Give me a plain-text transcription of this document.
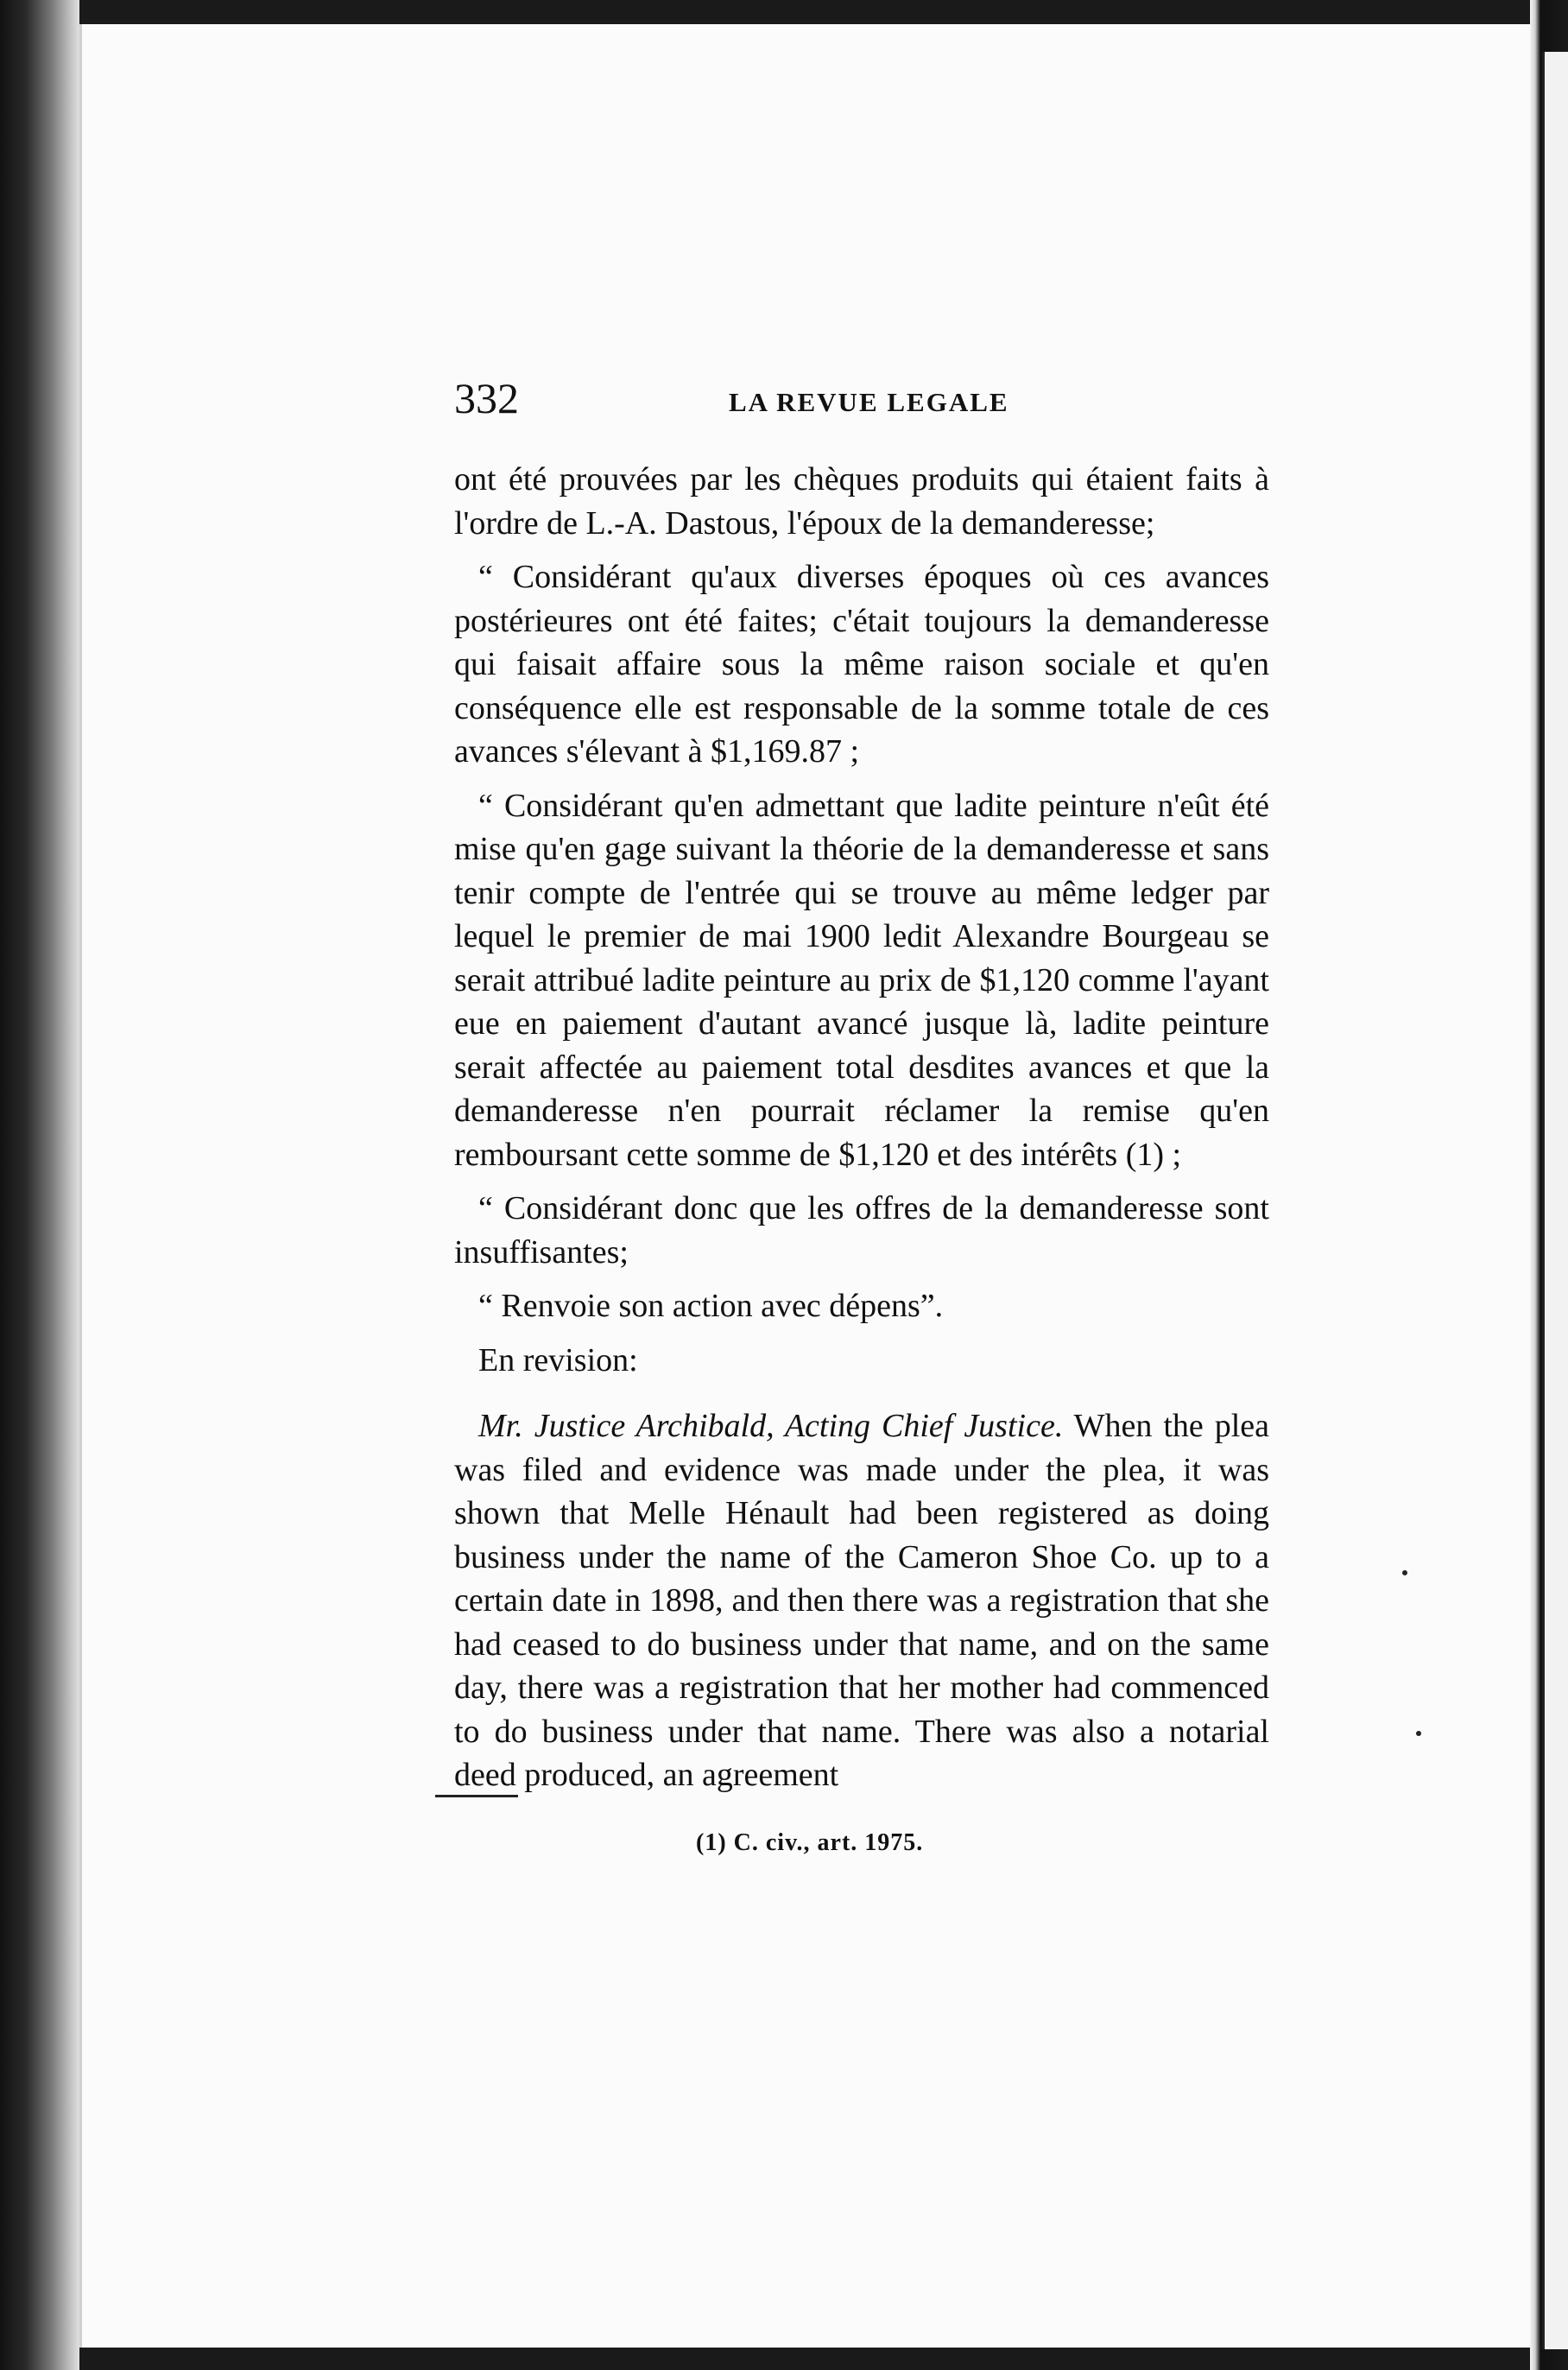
332	LA REVUE LEGALE

ont été prouvées par les chèques produits qui étaient faits à l'ordre de L.-A. Dastous, l'époux de la demanderesse;

“ Considérant qu'aux diverses époques où ces avances postérieures ont été faites; c'était toujours la demanderesse qui faisait affaire sous la même raison sociale et qu'en conséquence elle est responsable de la somme totale de ces avances s'élevant à $1,169.87 ;

“ Considérant qu'en admettant que ladite peinture n'eût été mise qu'en gage suivant la théorie de la demanderesse et sans tenir compte de l'entrée qui se trouve au même ledger par lequel le premier de mai 1900 ledit Alexandre Bourgeau se serait attribué ladite peinture au prix de $1,120 comme l'ayant eue en paiement d'autant avancé jusque là, ladite peinture serait affectée au paiement total desdites avances et que la demanderesse n'en pourrait réclamer la remise qu'en remboursant cette somme de $1,120 et des intérêts (1) ;

“ Considérant donc que les offres de la demanderesse sont insuffisantes;

“ Renvoie son action avec dépens”.

En revision:

Mr. Justice Archibald, Acting Chief Justice. When the plea was filed and evidence was made under the plea, it was shown that Melle Hénault had been registered as doing business under the name of the Cameron Shoe Co. up to a certain date in 1898, and then there was a registration that she had ceased to do business under that name, and on the same day, there was a registration that her mother had commenced to do business under that name. There was also a notarial deed produced, an agreement

(1) C. civ., art. 1975.
